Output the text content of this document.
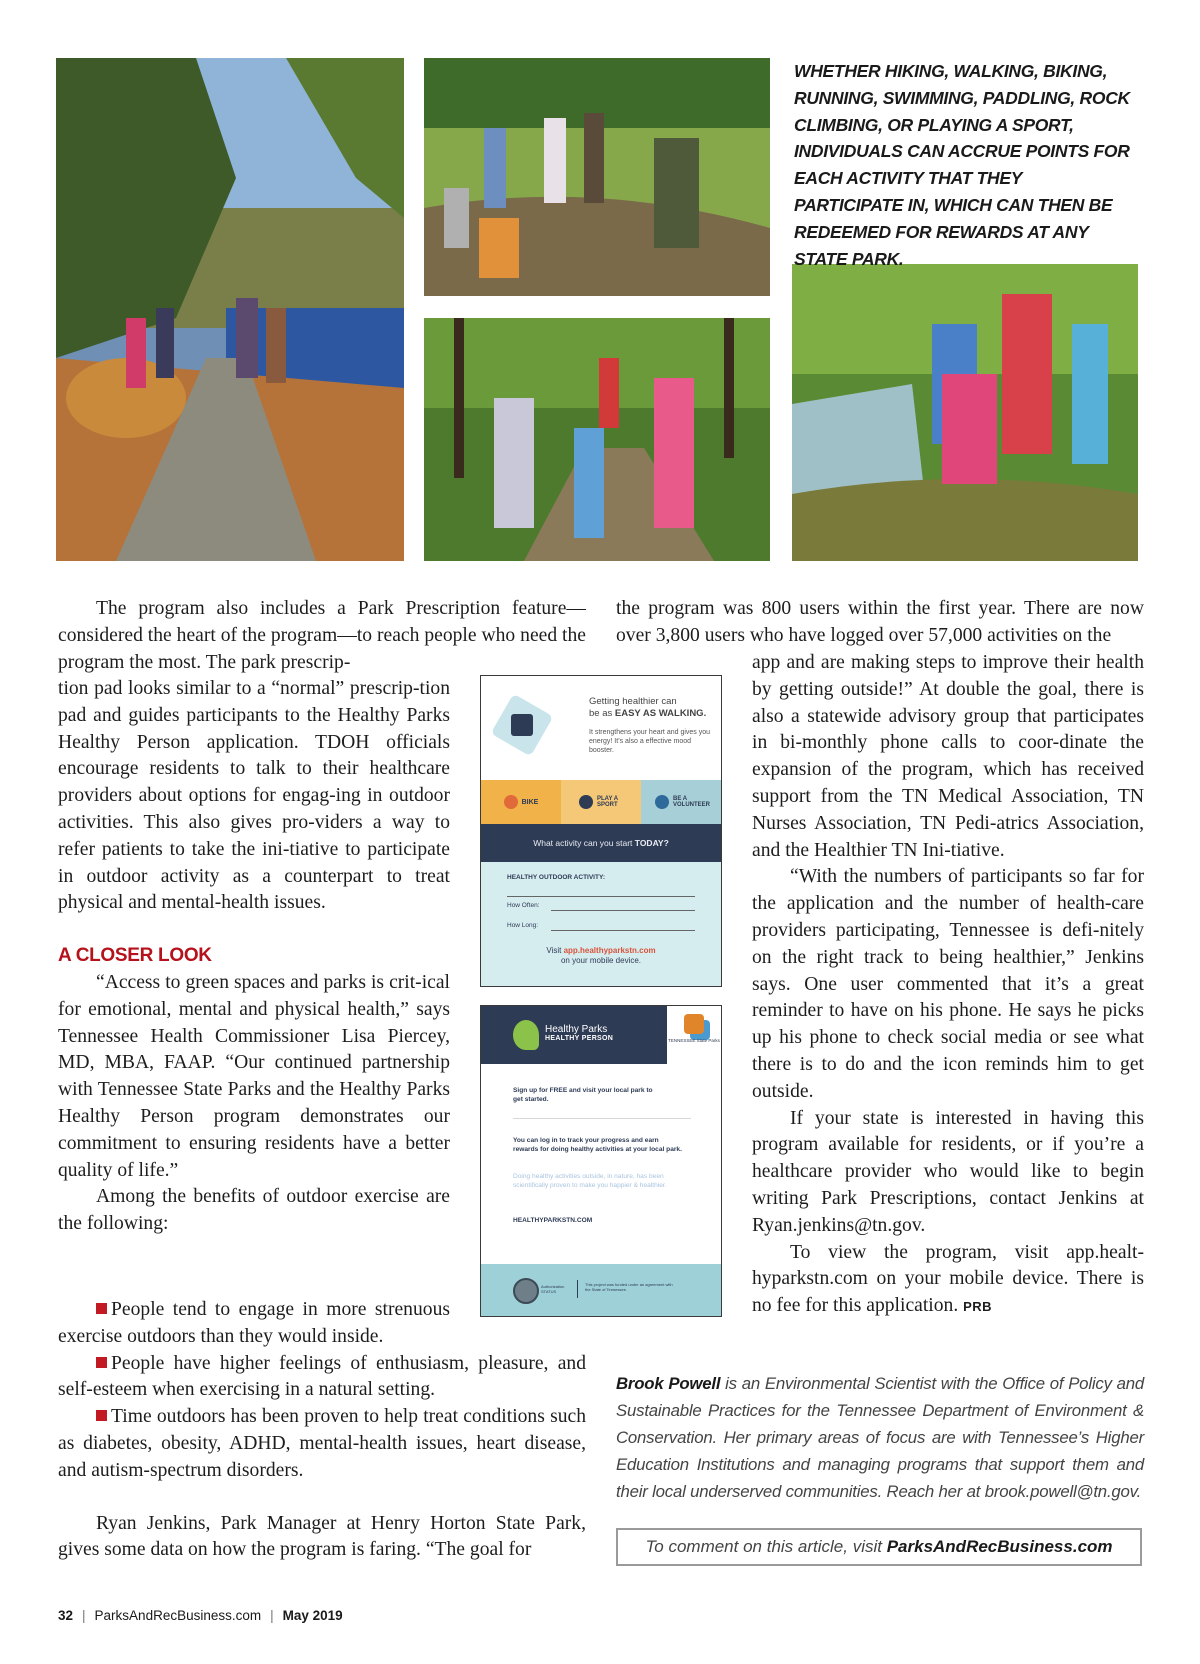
WHETHER HIKING, WALKING, BIKING, RUNNING, SWIMMING, PADDLING, ROCK CLIMBING, OR PLAYING A SPORT, INDIVIDUALS CAN ACCRUE POINTS FOR EACH ACTIVITY THAT THEY PARTICIPATE IN, WHICH CAN THEN BE REDEEMED FOR REWARDS AT ANY STATE PARK.

The program also includes a Park Prescription feature—considered the heart of the program—to reach people who need the program the most. The park prescrip-

tion pad looks similar to a “normal” prescrip-tion pad and guides participants to the Healthy Parks Healthy Person application. TDOH officials encourage residents to talk to their healthcare providers about options for engag-ing in outdoor activities. This also gives pro-viders a way to refer patients to take the ini-tiative to participate in outdoor activity as a counterpart to treat physical and mental-health issues.

A CLOSER LOOK

“Access to green spaces and parks is crit-ical for emotional, mental and physical health,” says Tennessee Health Commissioner Lisa Piercey, MD, MBA, FAAP. “Our continued partnership with Tennessee State Parks and the Healthy Parks Healthy Person program demonstrates our commitment to ensuring residents have a better quality of life.”

Among the benefits of outdoor exercise are the following:

People tend to engage in more strenuous exercise outdoors than they would inside.

People have higher feelings of enthusiasm, pleasure, and self-esteem when exercising in a natural setting.

Time outdoors has been proven to help treat conditions such as diabetes, obesity, ADHD, mental-health issues, heart disease, and autism-spectrum disorders.

Ryan Jenkins, Park Manager at Henry Horton State Park, gives some data on how the program is faring. “The goal for

the program was 800 users within the first year. There are now over 3,800 users who have logged over 57,000 activities on the

app and are making steps to improve their health by getting outside!” At double the goal, there is also a statewide advisory group that participates in bi-monthly phone calls to coor-dinate the expansion of the program, which has received support from the TN Medical Association, TN Nurses Association, TN Pedi-atrics Association, and the Healthier TN Ini-tiative.

“With the numbers of participants so far for the application and the number of health-care providers participating, Tennessee is defi-nitely on the right track to being healthier,” Jenkins says. One user commented that it’s a great reminder to have on his phone. He says he picks up his phone to check social media or see what there is to do and the icon reminds him to get outside.

If your state is interested in having this program available for residents, or if you’re a healthcare provider who would like to begin writing Park Prescriptions, contact Jenkins at Ryan.jenkins@tn.gov.

To view the program, visit app.healt-hyparkstn.com on your mobile device. There is no fee for this application. PRB

Getting healthier can
be as EASY AS WALKING.
It strengthens your heart and gives you energy! It’s also a effective mood booster.
BIKE	PLAY A SPORT
BE A VOLUNTEER
What activity can you start TODAY?
HEALTHY OUTDOOR ACTIVITY:
How Often:
How Long:
Visit app.healthyparkstn.com
on your mobile device.
Healthy Parks
HEALTHY PERSON	TENNESSEE State Parks
Sign up for FREE and visit your local park to get started.
You can log in to track your progress and earn rewards for doing healthy activities at your local park.
Doing healthy activities outside, in nature, has been scientifically proven to make you happier & healthier.
HEALTHYPARKSTN.COM
Authorization STATUS
This project was funded under an agreement with the State of Tennessee.
Brook Powell is an Environmental Scientist with the Office of Policy and Sustainable Practices for the Tennessee Department of Environment & Conservation. Her primary areas of focus are with Tennessee’s Higher Education Institutions and managing programs that support them and their local underserved communities. Reach her at brook.powell@tn.gov.
To comment on this article, visit ParksAndRecBusiness.com
32 | ParksAndRecBusiness.com | May 2019
